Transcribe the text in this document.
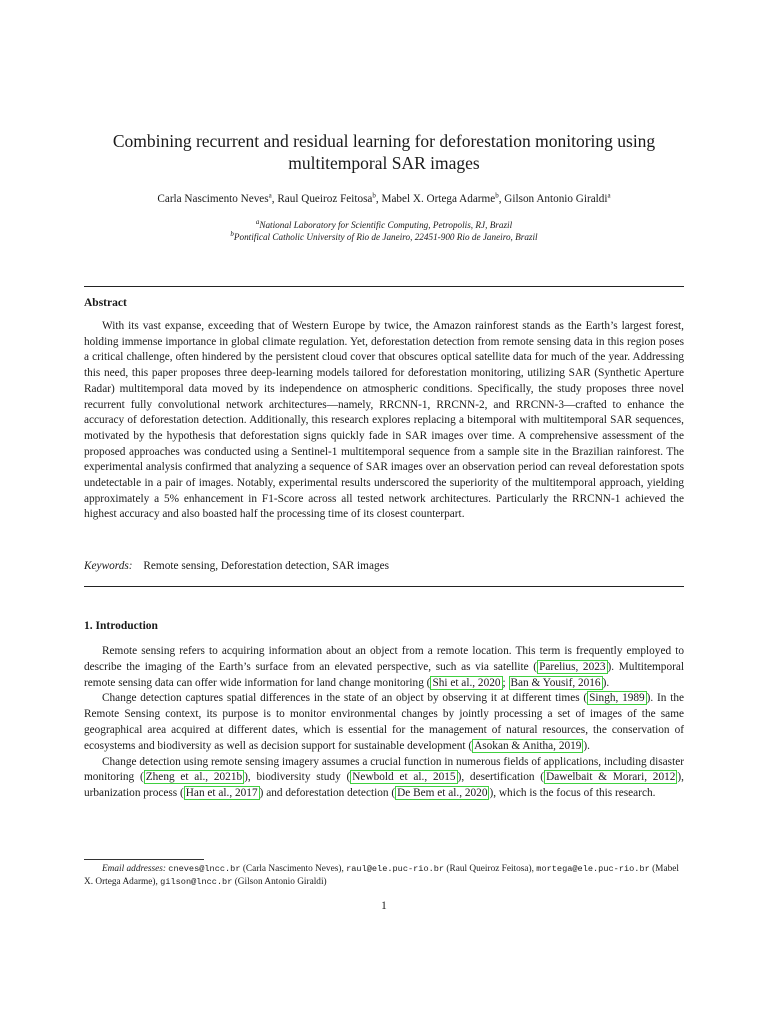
Combining recurrent and residual learning for deforestation monitoring using multitemporal SAR images
Carla Nascimento Neves$^a$, Raul Queiroz Feitosa$^b$, Mabel X. Ortega Adarme$^b$, Gilson Antonio Giraldi$^a$
$^a$National Laboratory for Scientific Computing, Petropolis, RJ, Brazil
$^b$Pontifical Catholic University of Rio de Janeiro, 22451-900 Rio de Janeiro, Brazil
Abstract

With its vast expanse, exceeding that of Western Europe by twice, the Amazon rainforest stands as the Earth’s largest forest, holding immense importance in global climate regulation. Yet, deforestation detection from remote sensing data in this region poses a critical challenge, often hindered by the persistent cloud cover that obscures optical satellite data for much of the year. Addressing this need, this paper proposes three deep-learning models tailored for deforestation monitoring, utilizing SAR (Synthetic Aperture Radar) multitemporal data moved by its independence on atmospheric conditions. Specifically, the study proposes three novel recurrent fully convolutional network architectures—namely, RRCNN-1, RRCNN-2, and RRCNN-3—crafted to enhance the accuracy of deforestation detection. Additionally, this research explores replacing a bitemporal with multitemporal SAR sequences, motivated by the hypothesis that deforestation signs quickly fade in SAR images over time. A comprehensive assessment of the proposed approaches was conducted using a Sentinel-1 multitemporal sequence from a sample site in the Brazilian rainforest. The experimental analysis confirmed that analyzing a sequence of SAR images over an observation period can reveal deforestation spots undetectable in a pair of images. Notably, experimental results underscored the superiority of the multitemporal approach, yielding approximately a 5% enhancement in F1-Score across all tested network architectures. Particularly the RRCNN-1 achieved the highest accuracy and also boasted half the processing time of its closest counterpart.

Keywords: Remote sensing, Deforestation detection, SAR images
1. Introduction

Remote sensing refers to acquiring information about an object from a remote location. This term is frequently employed to describe the imaging of the Earth’s surface from an elevated perspective, such as via satellite ( Parelius, 2023 ). Multitemporal remote sensing data can offer wide information for land change monitoring ( Shi et al., 2020 ; Ban & Yousif, 2016 ).

Change detection captures spatial differences in the state of an object by observing it at different times ( Singh, 1989 ). In the Remote Sensing context, its purpose is to monitor environmental changes by jointly processing a set of images of the same geographical area acquired at different dates, which is essential for the management of natural resources, the conservation of ecosystems and biodiversity as well as decision support for sustainable development ( Asokan & Anitha, 2019 ).

Change detection using remote sensing imagery assumes a crucial function in numerous fields of applications, including disaster monitoring ( Zheng et al., 2021b ), biodiversity study ( Newbold et al., 2015 ), desertification ( Dawelbait & Morari, 2012 ), urbanization process ( Han et al., 2017 ) and deforestation detection ( De Bem et al., 2020 ), which is the focus of this research.

Email addresses: cneves@lncc.br (Carla Nascimento Neves), raul@ele.puc-rio.br (Raul Queiroz Feitosa), mortega@ele.puc-rio.br (Mabel X. Ortega Adarme), gilson@lncc.br (Gilson Antonio Giraldi)
1
